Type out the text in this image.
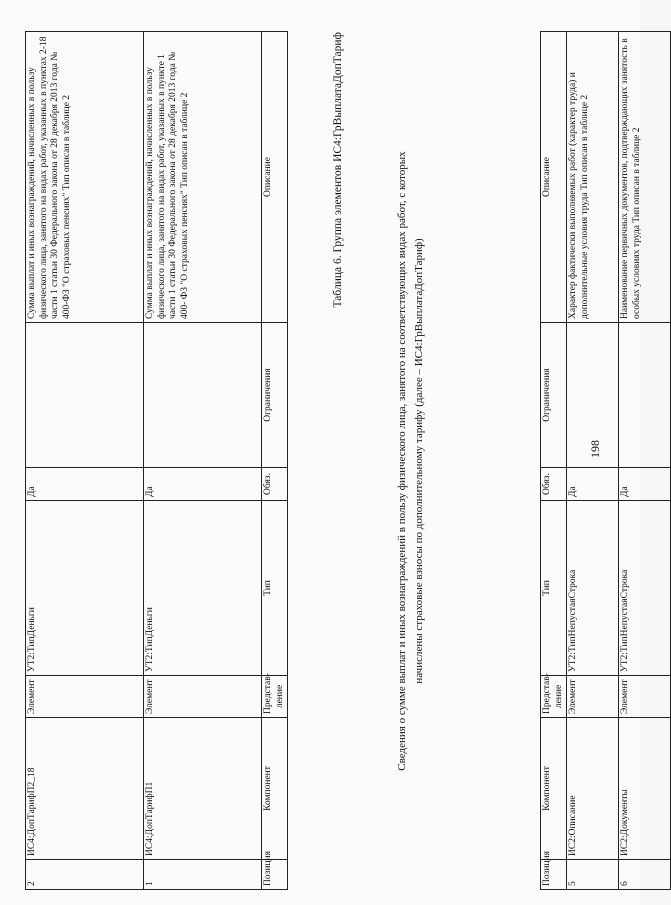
198
Позиция	Компонент	Представ-ление	Тип	Обяз.	Ограничения	Описание
5	ИС2:Описание	Элемент	УТ2:ТипНепустаяСтрока	Да		Характер фактически выполняемых работ (характер труда) и дополнительные условия труда Тип описан в таблице 2
6	ИС2:Документы	Элемент	УТ2:ТипНепустаяСтрока	Да		Наименование первичных документов, подтверждающих занятость в особых условиях труда Тип описан в таблице 2
Сведения о сумме выплат и иных вознаграждений в пользу физического лица, занятого на соответствующих видах работ, с которых начислены страховые взносы по дополнительному тарифу (далее – ИС4:ГрВыплатаДопТариф)
Таблица 6. Группа элементов ИС4:ГрВыплатаДопТариф
2	ИС4:ДопТарифП2_18	Элемент	УТ2:ТипДеньги	Да		Сумма выплат и иных вознаграждений, начисленных в пользу физического лица, занятого на видах работ, указанных в пунктах 2-18 части 1 статьи 30 Федерального закона от 28 декабря 2013 года № 400-ФЗ "О страховых пенсиях" Тип описан в таблице 2
1	ИС4:ДопТарифП1	Элемент	УТ2:ТипДеньги	Да		Сумма выплат и иных вознаграждений, начисленных в пользу физического лица, занятого на видах работ, указанных в пункте 1 части 1 статьи 30 Федерального закона от 28 декабря 2013 года № 400- ФЗ "О страховых пенсиях" Тип описан в таблице 2
Позиция	Компонент	Представ-ление	Тип	Обяз.	Ограничения	Описание
